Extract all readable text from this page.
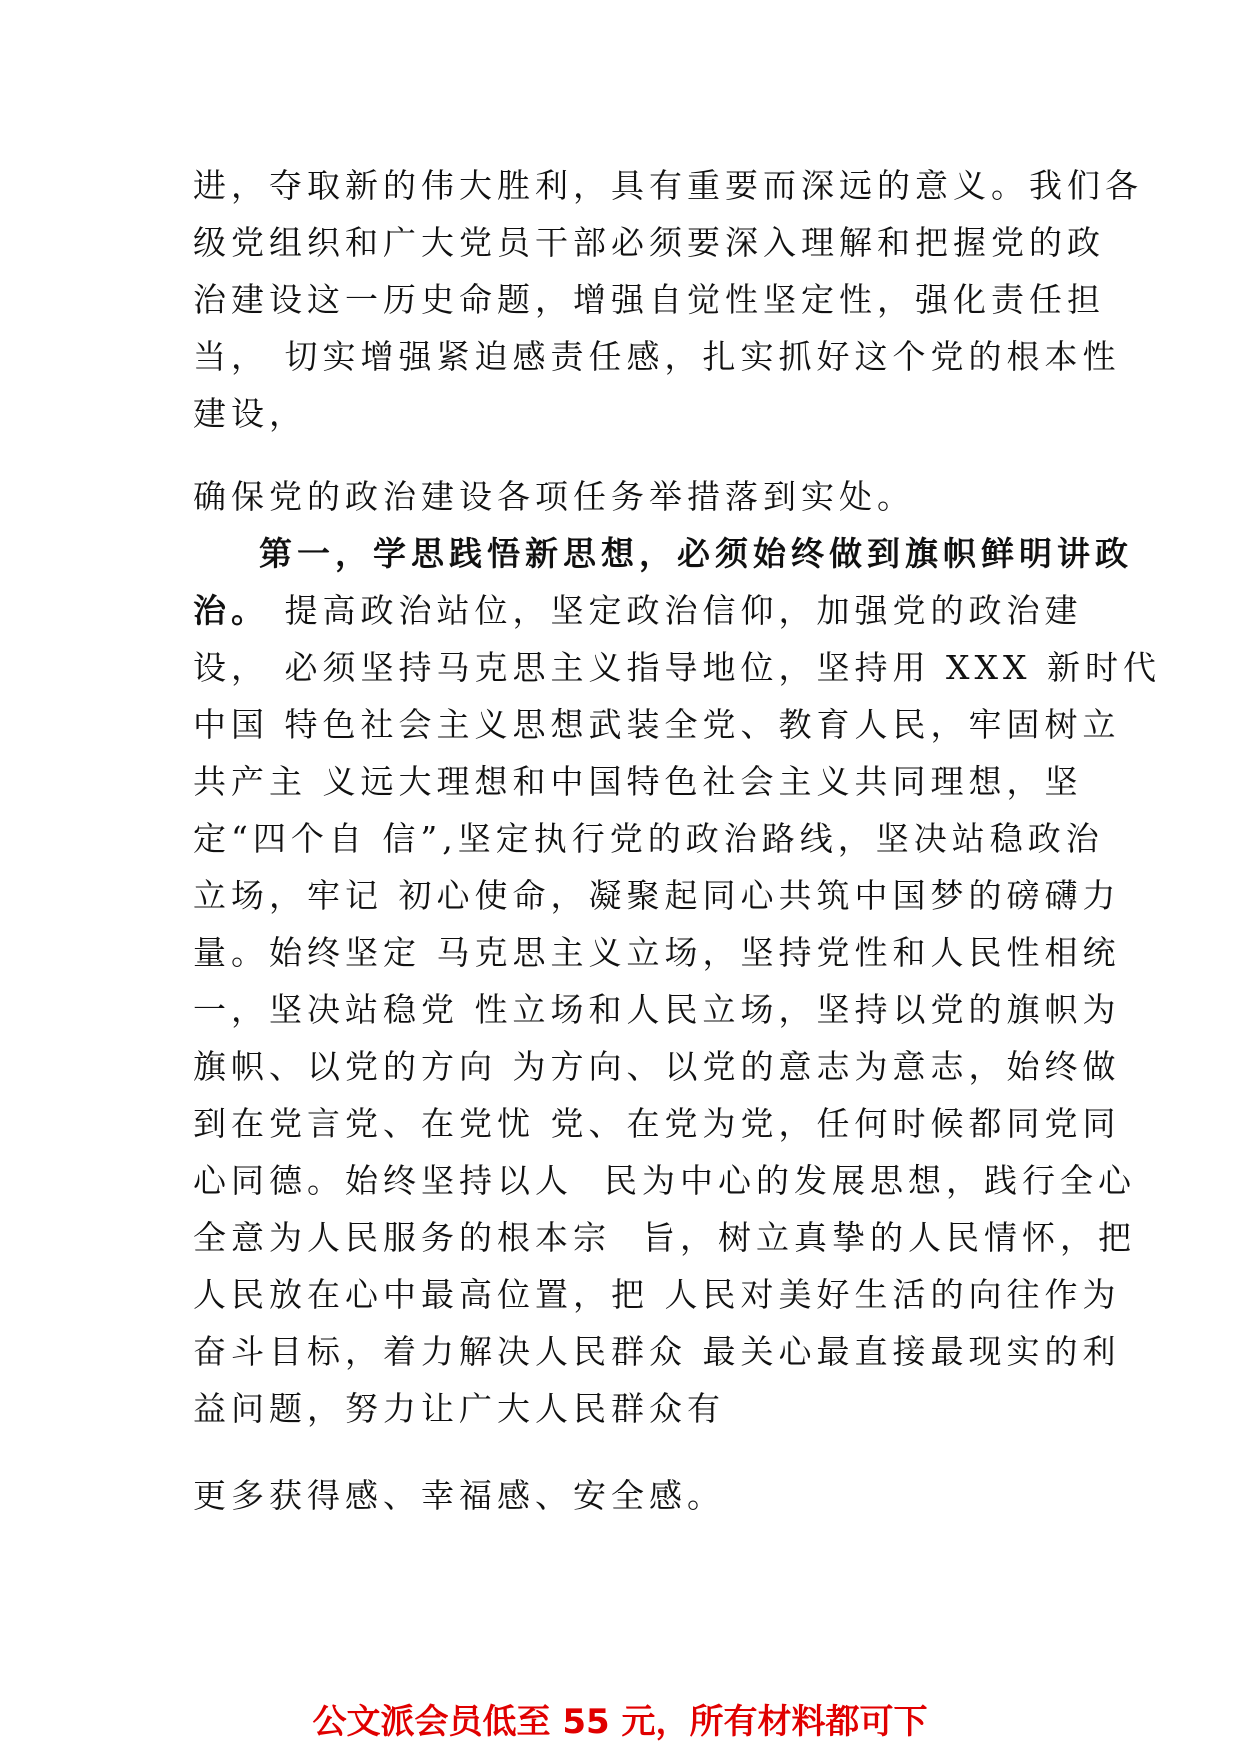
进，夺取新的伟大胜利，具有重要而深远的意义。我们各
级党组织和广大党员干部必须要深入理解和把握党的政
治建设这一历史命题，增强自觉性坚定性，强化责任担
当， 切实增强紧迫感责任感，扎实抓好这个党的根本性
建设，
确保党的政治建设各项任务举措落到实处。
第一，学思践悟新思想，必须始终做到旗帜鲜明讲政
治。 提高政治站位，坚定政治信仰，加强党的政治建
设， 必须坚持马克思主义指导地位，坚持用 XXX 新时代
中国 特色社会主义思想武装全党、教育人民，牢固树立
共产主 义远大理想和中国特色社会主义共同理想，坚
定“四个自 信”,坚定执行党的政治路线，坚决站稳政治
立场，牢记 初心使命，凝聚起同心共筑中国梦的磅礴力
量。始终坚定 马克思主义立场，坚持党性和人民性相统
一，坚决站稳党 性立场和人民立场，坚持以党的旗帜为
旗帜、以党的方向 为方向、以党的意志为意志，始终做
到在党言党、在党忧 党、在党为党，任何时候都同党同
心同德。始终坚持以人  民为中心的发展思想，践行全心
全意为人民服务的根本宗  旨，树立真挚的人民情怀，把
人民放在心中最高位置，把 人民对美好生活的向往作为
奋斗目标，着力解决人民群众 最关心最直接最现实的利
益问题，努力让广大人民群众有
更多获得感、幸福感、安全感。
公文派会员低至 55 元，所有材料都可下
